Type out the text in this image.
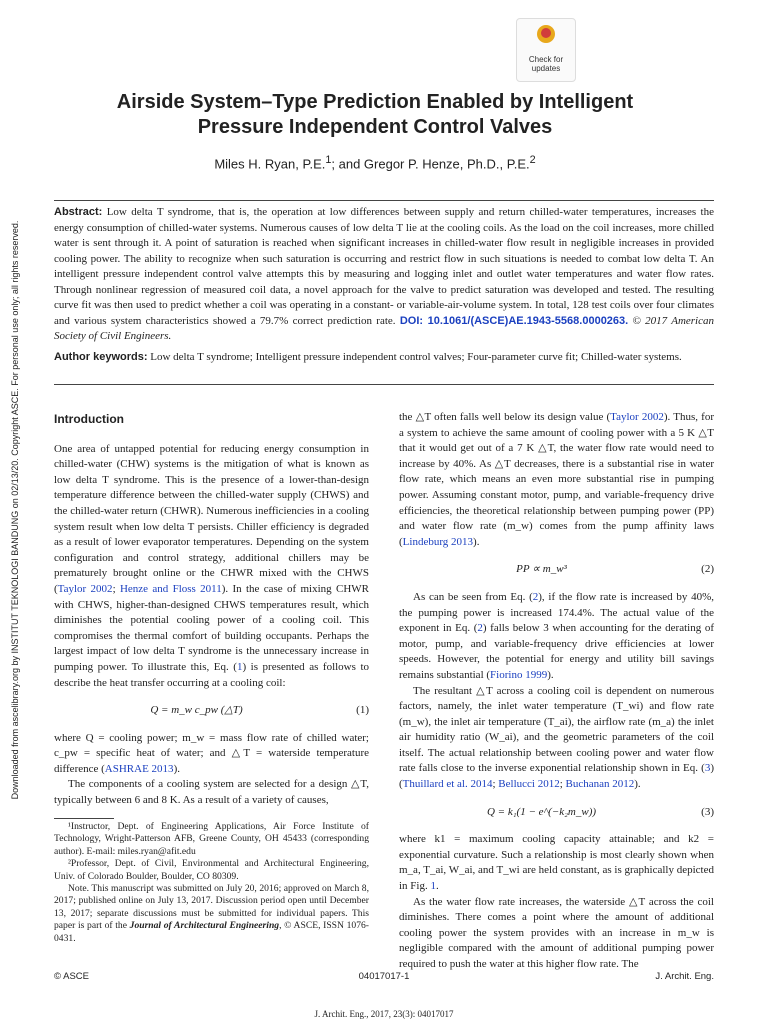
Check for
updates
Downloaded from ascelibrary.org by INSTITUT TEKNOLOGI BANDUNG on 02/13/20. Copyright ASCE. For personal use only; all rights reserved.
Airside System–Type Prediction Enabled by Intelligent
Pressure Independent Control Valves
Miles H. Ryan, P.E.$^1$; and Gregor P. Henze, Ph.D., P.E.$^2$
Abstract: Low delta T syndrome, that is, the operation at low differences between supply and return chilled-water temperatures, increases the energy consumption of chilled-water systems. Numerous causes of low delta T lie at the cooling coils. As the load on the coil increases, more chilled water is sent through it. A point of saturation is reached when significant increases in chilled-water flow result in negligible increases in provided cooling power. The ability to recognize when such saturation is occurring and restrict flow in such situations is needed to combat low delta T. An intelligent pressure independent control valve attempts this by measuring and logging inlet and outlet water temperatures and water flow rates. Through nonlinear regression of measured coil data, a novel approach for the valve to predict saturation was developed and tested. The resulting curve fit was then used to predict whether a coil was operating in a constant- or variable-air-volume system. In total, 128 test coils over four climates and various system characteristics showed a 79.7% correct prediction rate. DOI: 10.1061/(ASCE)AE.1943-5568.0000263. © 2017 American Society of Civil Engineers.
Author keywords: Low delta T syndrome; Intelligent pressure independent control valves; Four-parameter curve fit; Chilled-water systems.
Introduction

One area of untapped potential for reducing energy consumption in chilled-water (CHW) systems is the mitigation of what is known as low delta T syndrome. This is the presence of a lower-than-design temperature difference between the chilled-water supply (CHWS) and the chilled-water return (CHWR). Numerous inefficiencies in a cooling system result when low delta T persists. Chiller efficiency is degraded as a result of lower evaporator temperatures. Depending on the system configuration and control strategy, additional chillers may be prematurely brought online or the CHWR mixed with the CHWS (Taylor 2002; Henze and Floss 2011). In the case of mixing CHWR with CHWS, higher-than-designed CHWS temperatures result, which diminishes the potential cooling power of a cooling coil. This compromises the thermal comfort of building occupants. Perhaps the largest impact of low delta T syndrome is the unnecessary increase in pumping power. To illustrate this, Eq. (1) is presented as follows to describe the heat transfer occurring at a cooling coil:

Q = m_w c_pw (△T)	(1)

where Q = cooling power; m_w = mass flow rate of chilled water; c_pw = specific heat of water; and △T = waterside temperature difference (ASHRAE 2013).

The components of a cooling system are selected for a design △T, typically between 6 and 8 K. As a result of a variety of causes,

the △T often falls well below its design value (Taylor 2002). Thus, for a system to achieve the same amount of cooling power with a 5 K △T that it would get out of a 7 K △T, the water flow rate would need to increase by 40%. As △T decreases, there is a substantial rise in water flow rate, which means an even more substantial rise in pumping power. Assuming constant motor, pump, and variable-frequency drive efficiencies, the theoretical relationship between pumping power (PP) and water flow rate (m_w) comes from the pump affinity laws (Lindeburg 2013).

PP ∝ m_w³	(2)

As can be seen from Eq. (2), if the flow rate is increased by 40%, the pumping power is increased 174.4%. The actual value of the exponent in Eq. (2) falls below 3 when accounting for the derating of motor, pump, and variable-frequency drive efficiencies at lower speeds. However, the potential for energy and utility bill savings remains substantial (Fiorino 1999).

The resultant △T across a cooling coil is dependent on numerous factors, namely, the inlet water temperature (T_wi) and flow rate (m_w), the inlet air temperature (T_ai), the airflow rate (m_a) the inlet air humidity ratio (W_ai), and the geometric parameters of the coil itself. The actual relationship between cooling power and water flow rate falls close to the inverse exponential relationship shown in Eq. (3) (Thuillard et al. 2014; Bellucci 2012; Buchanan 2012).

Q = k₁(1 − e^(−k₂m_w))	(3)

where k1 = maximum cooling capacity attainable; and k2 = exponential curvature. Such a relationship is most clearly shown when m_a, T_ai, W_ai, and T_wi are held constant, as is graphically depicted in Fig. 1.

As the water flow rate increases, the waterside △T across the coil diminishes. There comes a point where the amount of additional cooling power the system provides with an increase in m_w is negligible compared with the amount of additional pumping power required to push the water at this higher flow rate. The

¹Instructor, Dept. of Engineering Applications, Air Force Institute of Technology, Wright-Patterson AFB, Greene County, OH 45433 (corresponding author). E-mail: miles.ryan@afit.edu

²Professor, Dept. of Civil, Environmental and Architectural Engineering, Univ. of Colorado Boulder, Boulder, CO 80309.

Note. This manuscript was submitted on July 20, 2016; approved on March 8, 2017; published online on July 13, 2017. Discussion period open until December 13, 2017; separate discussions must be submitted for individual papers. This paper is part of the Journal of Architectural Engineering, © ASCE, ISSN 1076-0431.

© ASCE	04017017-1	J. Archit. Eng.
J. Archit. Eng., 2017, 23(3): 04017017
